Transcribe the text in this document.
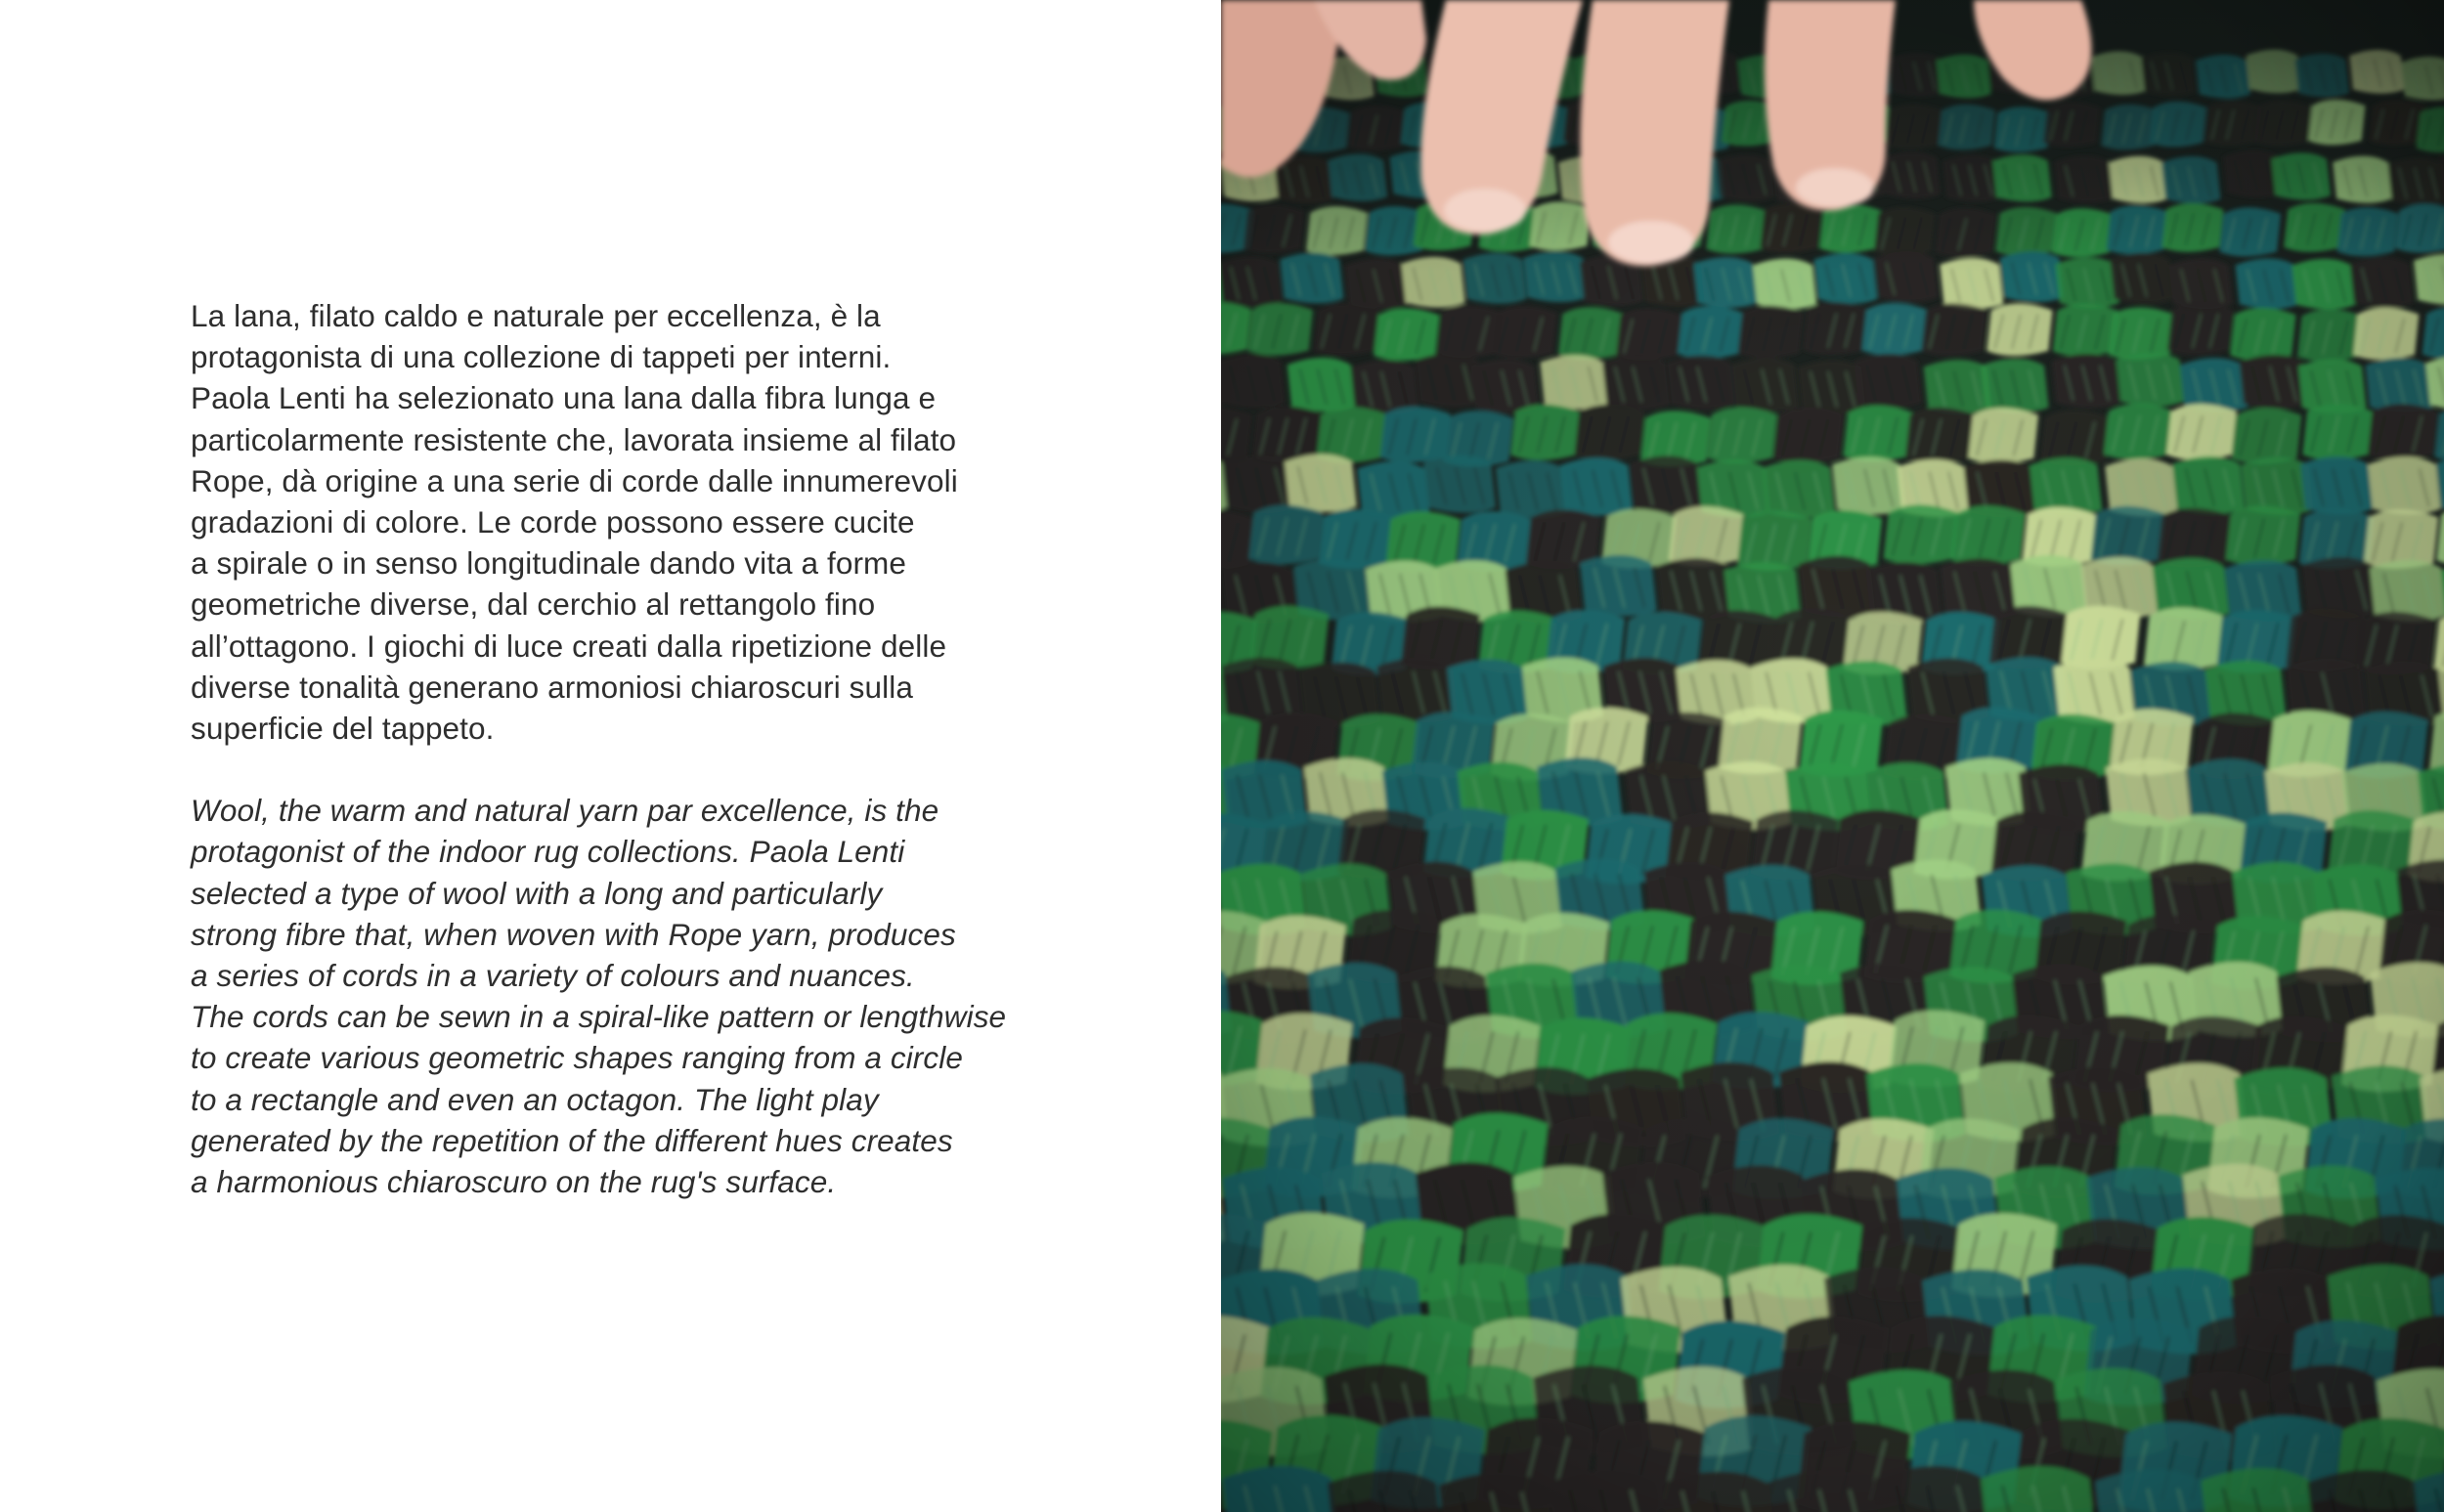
La lana, filato caldo e naturale per eccellenza, è la
protagonista di una collezione di tappeti per interni.
Paola Lenti ha selezionato una lana dalla fibra lunga e
particolarmente resistente che, lavorata insieme al filato
Rope, dà origine a una serie di corde dalle innumerevoli
gradazioni di colore. Le corde possono essere cucite
a spirale o in senso longitudinale dando vita a forme
geometriche diverse, dal cerchio al rettangolo fino
all’ottagono. I giochi di luce creati dalla ripetizione delle
diverse tonalità generano armoniosi chiaroscuri sulla
superficie del tappeto.

Wool, the warm and natural yarn par excellence, is the
protagonist of the indoor rug collections. Paola Lenti
selected a type of wool with a long and particularly
strong fibre that, when woven with Rope yarn, produces
a series of cords in a variety of colours and nuances.
The cords can be sewn in a spiral-like pattern or lengthwise
to create various geometric shapes ranging from a circle
to a rectangle and even an octagon. The light play
generated by the repetition of the different hues creates
a harmonious chiaroscuro on the rug's surface.
